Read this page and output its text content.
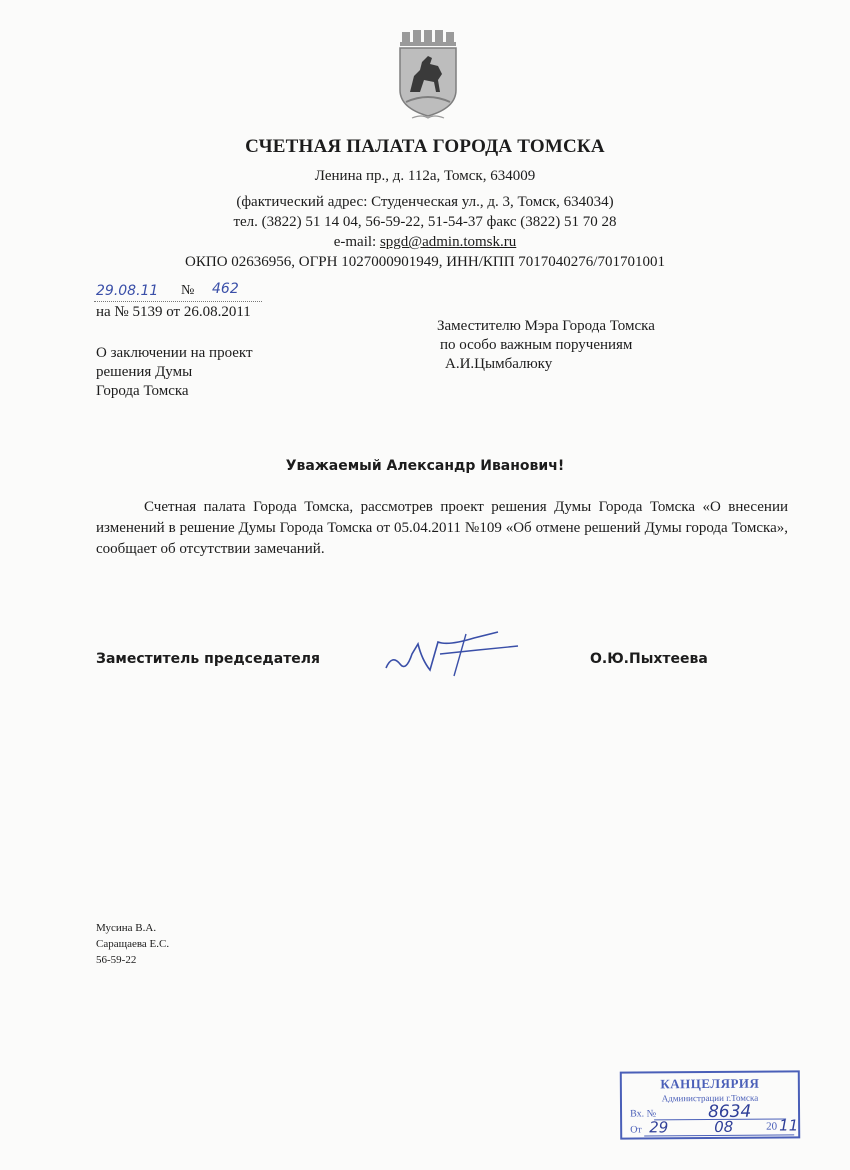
СЧЕТНАЯ ПАЛАТА ГОРОДА ТОМСКА
Ленина пр., д. 112а, Томск, 634009
(фактический адрес: Студенческая ул., д. 3, Томск, 634034)
тел. (3822) 51 14 04, 56-59-22, 51-54-37 факс (3822) 51 70 28
e-mail: spgd@admin.tomsk.ru
ОКПО 02636956, ОГРН 1027000901949, ИНН/КПП 7017040276/701701001
29.08.11 № 462
на № 5139 от 26.08.2011
О заключении на проект
решения Думы
Города Томска
Заместителю Мэра Города Томска
по особо важным поручениям
А.И.Цымбалюку
Уважаемый Александр Иванович!
Счетная палата Города Томска, рассмотрев проект решения Думы Города Томска «О внесении изменений в решение Думы Города Томска от 05.04.2011 №109 «Об отмене решений Думы города Томска», сообщает об отсутствии замечаний.
Заместитель председателя	О.Ю.Пыхтеева
Мусина В.А.
Саращаева Е.С.
56-59-22
КАНЦЕЛЯРИЯ
Администрации г.Томска
Вх. №	8634
От 29	08	20 11
